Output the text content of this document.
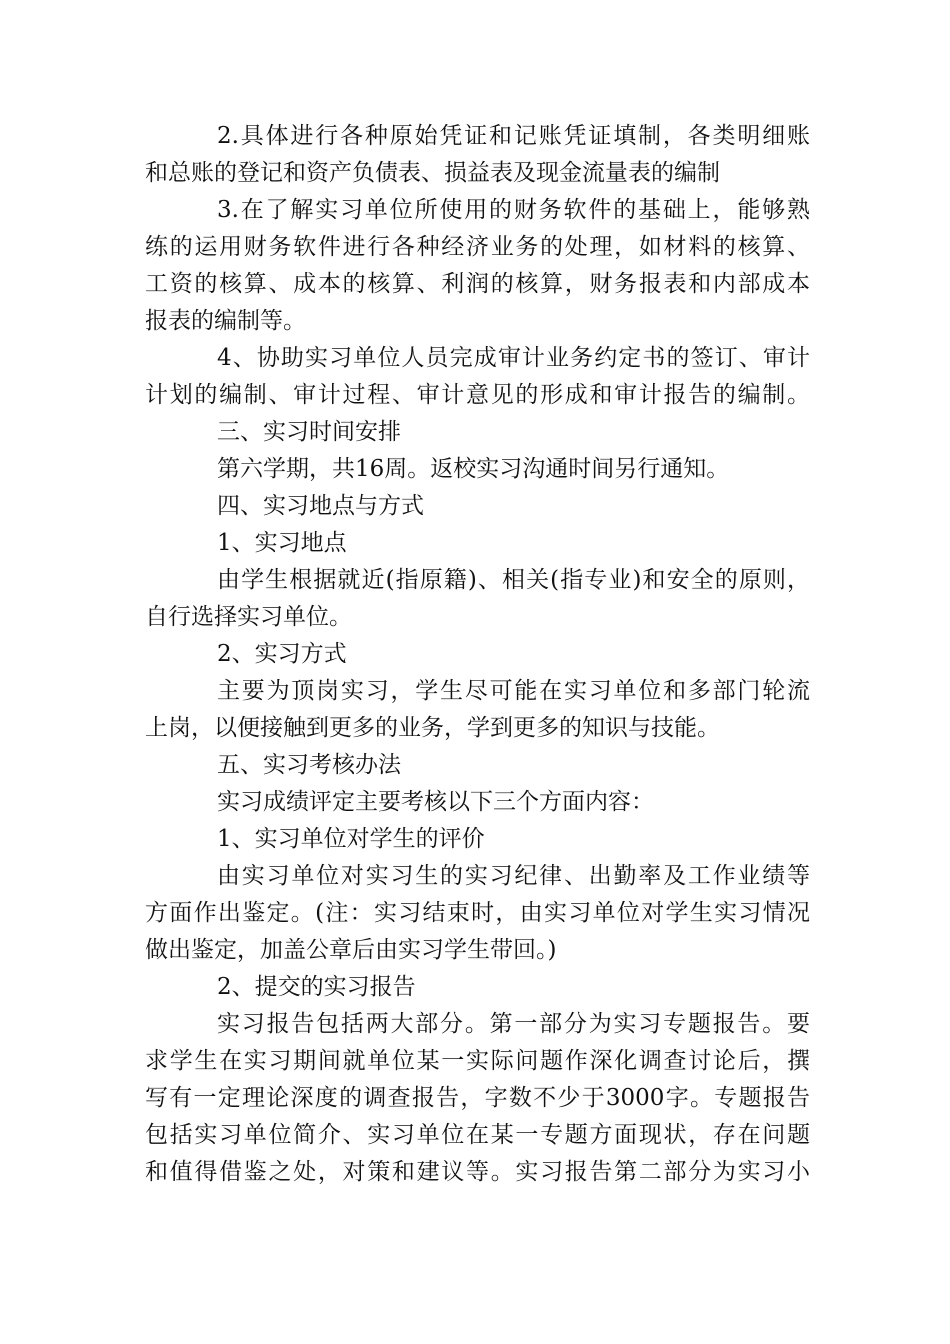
2.具体进行各种原始凭证和记账凭证填制，各类明细账
和总账的登记和资产负债表、损益表及现金流量表的编制
3.在了解实习单位所使用的财务软件的基础上，能够熟
练的运用财务软件进行各种经济业务的处理，如材料的核算、
工资的核算、成本的核算、利润的核算，财务报表和内部成本
报表的编制等。
4、协助实习单位人员完成审计业务约定书的签订、审计
计划的编制、审计过程、审计意见的形成和审计报告的编制。
三、实习时间安排
第六学期，共16周。返校实习沟通时间另行通知。
四、实习地点与方式
1、实习地点
由学生根据就近(指原籍)、相关(指专业)和安全的原则，
自行选择实习单位。
2、实习方式
主要为顶岗实习，学生尽可能在实习单位和多部门轮流
上岗，以便接触到更多的业务，学到更多的知识与技能。
五、实习考核办法
实习成绩评定主要考核以下三个方面内容：
1、实习单位对学生的评价
由实习单位对实习生的实习纪律、出勤率及工作业绩等
方面作出鉴定。(注：实习结束时，由实习单位对学生实习情况
做出鉴定，加盖公章后由实习学生带回。)
2、提交的实习报告
实习报告包括两大部分。第一部分为实习专题报告。要
求学生在实习期间就单位某一实际问题作深化调查讨论后，撰
写有一定理论深度的调查报告，字数不少于3000字。专题报告
包括实习单位简介、实习单位在某一专题方面现状，存在问题
和值得借鉴之处，对策和建议等。实习报告第二部分为实习小
